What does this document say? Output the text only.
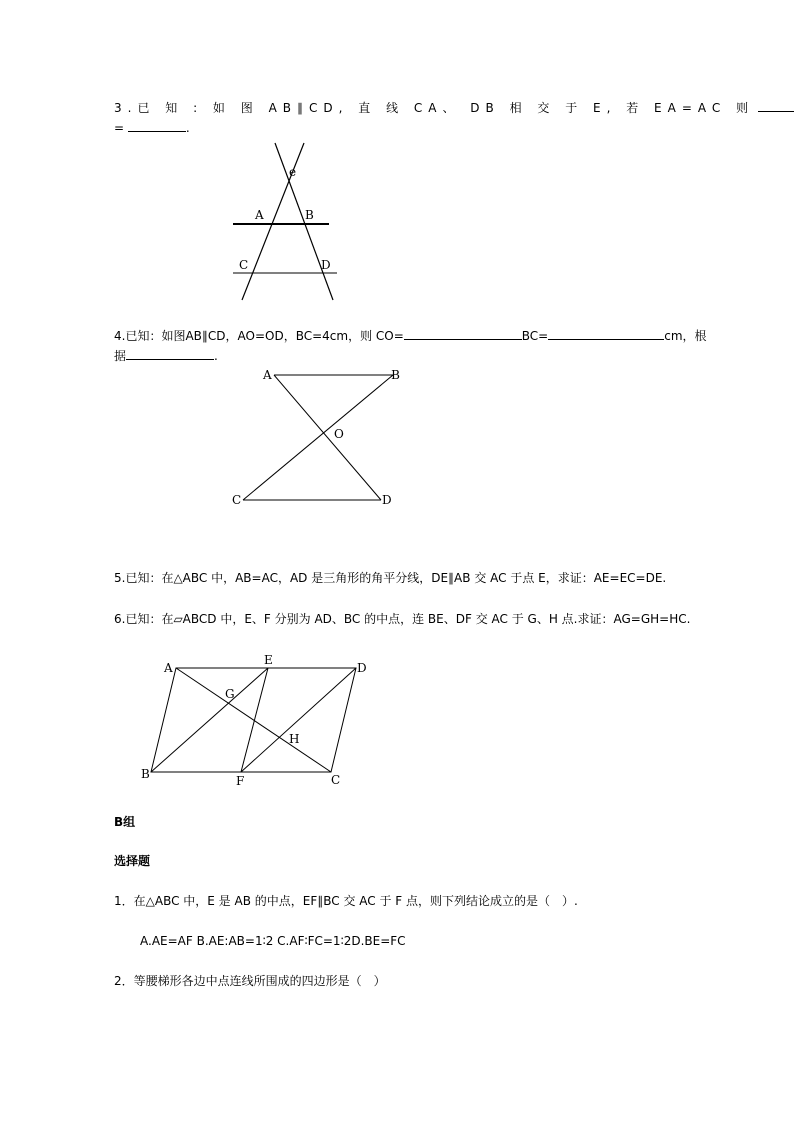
3.已 知 : 如 图 AB∥CD, 直 线 CA、 DB 相 交 于 E, 若 EA=AC 则
=	.
e
A	B
C	D
4.已知：如图AB∥CD，AO=OD，BC=4cm，则 CO=	BC=	cm，根
据	.
A	B
O
C	D
5.已知：在△ABC 中，AB=AC，AD 是三角形的角平分线，DE∥AB 交 AC 于点 E，求证：AE=EC=DE.
6.已知：在▱ABCD 中，E、F 分别为 AD、BC 的中点，连 BE、DF 交 AC 于 G、H 点.求证：AG=GH=HC.
A
E
D
G
H
B	F	C
B组
选择题
1．在△ABC 中，E 是 AB 的中点，EF∥BC 交 AC 于 F 点，则下列结论成立的是（　）.
A.AE=AF B.AE:AB=1∶2 C.AF∶FC=1∶2D.BE=FC
2．等腰梯形各边中点连线所围成的四边形是（　）
